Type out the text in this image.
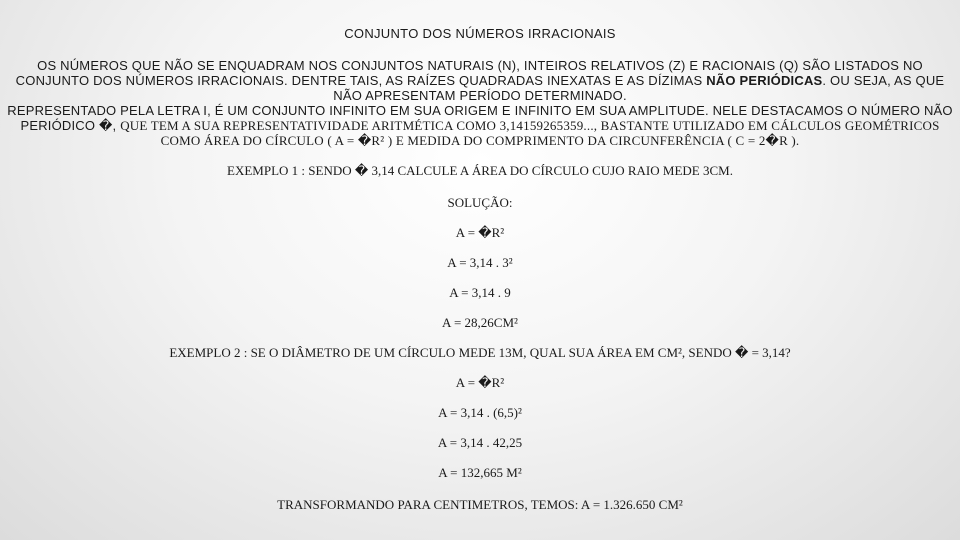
CONJUNTO DOS NÚMEROS IRRACIONAIS
OS NÚMEROS QUE NÃO SE ENQUADRAM NOS CONJUNTOS NATURAIS (N), INTEIROS RELATIVOS (Z) E RACIONAIS (Q) SÃO LISTADOS NO CONJUNTO DOS NÚMEROS IRRACIONAIS. DENTRE TAIS, AS RAÍZES QUADRADAS INEXATAS E AS DÍZIMAS NÃO PERIÓDICAS. OU SEJA, AS QUE NÃO APRESENTAM PERÍODO DETERMINADO.
REPRESENTADO PELA LETRA I, É UM CONJUNTO INFINITO EM SUA ORIGEM E INFINITO EM SUA AMPLITUDE. NELE DESTACAMOS O NÚMERO NÃO PERIÓDICO �, QUE TEM A SUA REPRESENTATIVIDADE ARITMÉTICA COMO 3,14159265359..., BASTANTE UTILIZADO EM CÁLCULOS GEOMÉTRICOS COMO ÁREA DO CÍRCULO ( A = �R² ) E MEDIDA DO COMPRIMENTO DA CIRCUNFERÊNCIA ( C = 2�R ).
EXEMPLO 1 : SENDO � 3,14 CALCULE A ÁREA DO CÍRCULO CUJO RAIO MEDE 3CM.
SOLUÇÃO:
A = �R²
A = 3,14 . 3²
A = 3,14 . 9
A = 28,26CM²
EXEMPLO 2 : SE O DIÂMETRO DE UM CÍRCULO MEDE 13M, QUAL SUA ÁREA EM CM², SENDO � = 3,14?
A = �R²
A = 3,14 . (6,5)²
A = 3,14 . 42,25
A = 132,665 M²
TRANSFORMANDO PARA CENTIMETROS, TEMOS: A = 1.326.650 CM²
